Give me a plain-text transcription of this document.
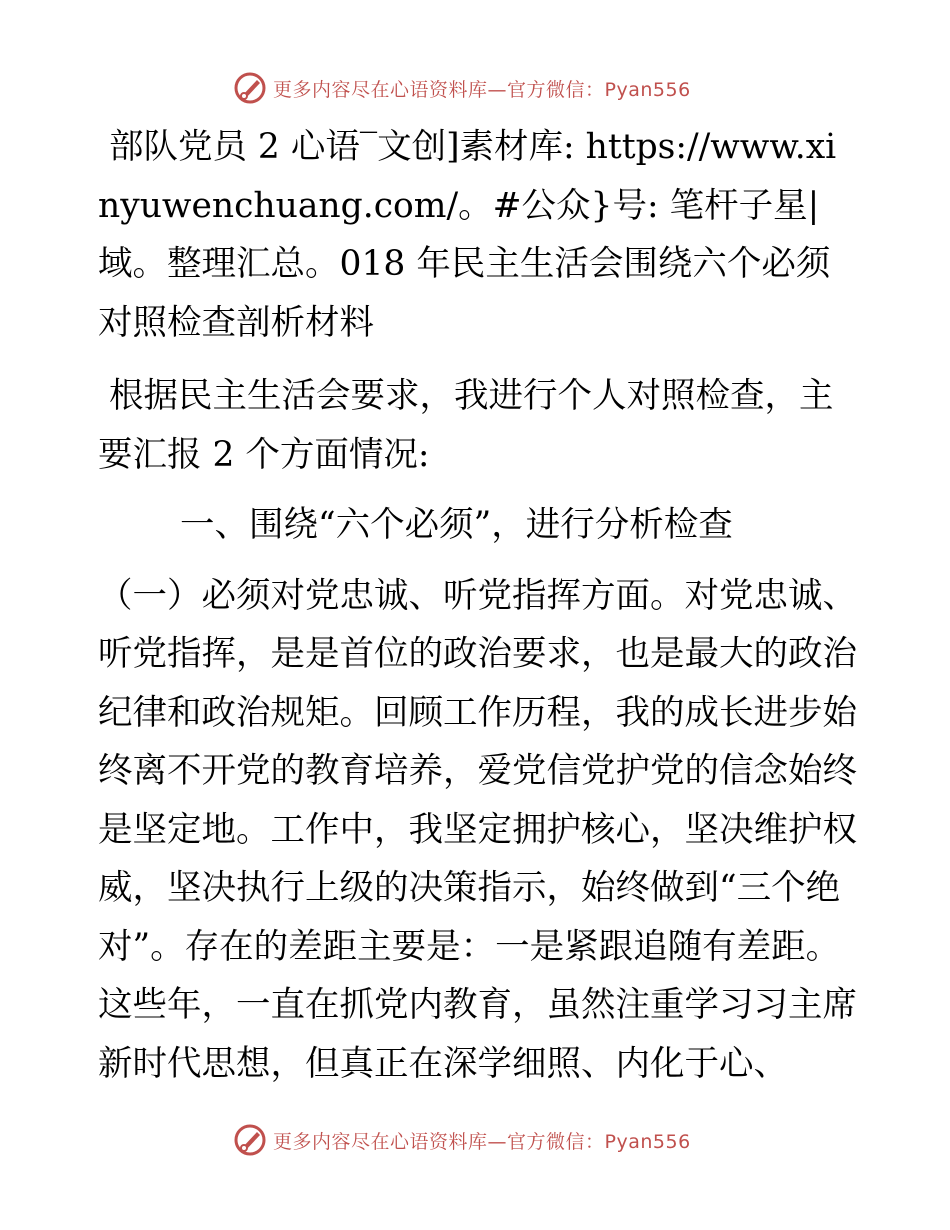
更多内容尽在心语资料库—官方微信：Pyan556

部队党员 2 心语‾文创]素材库: https://www.xinyuwenchuang.com/。#公众}号: 笔杆子星|域。整理汇总。018 年民主生活会围绕六个必须对照检查剖析材料

根据民主生活会要求，我进行个人对照检查，主要汇报 2 个方面情况:

一、围绕“六个必须”，进行分析检查

（一）必须对党忠诚、听党指挥方面。对党忠诚、听党指挥，是是首位的政治要求，也是最大的政治纪律和政治规矩。回顾工作历程，我的成长进步始终离不开党的教育培养，爱党信党护党的信念始终是坚定地。工作中，我坚定拥护核心，坚决维护权威，坚决执行上级的决策指示，始终做到“三个绝对”。存在的差距主要是：一是紧跟追随有差距。这些年，一直在抓党内教育，虽然注重学习习主席新时代思想，但真正在深学细照、内化于心、

更多内容尽在心语资料库—官方微信：Pyan556
